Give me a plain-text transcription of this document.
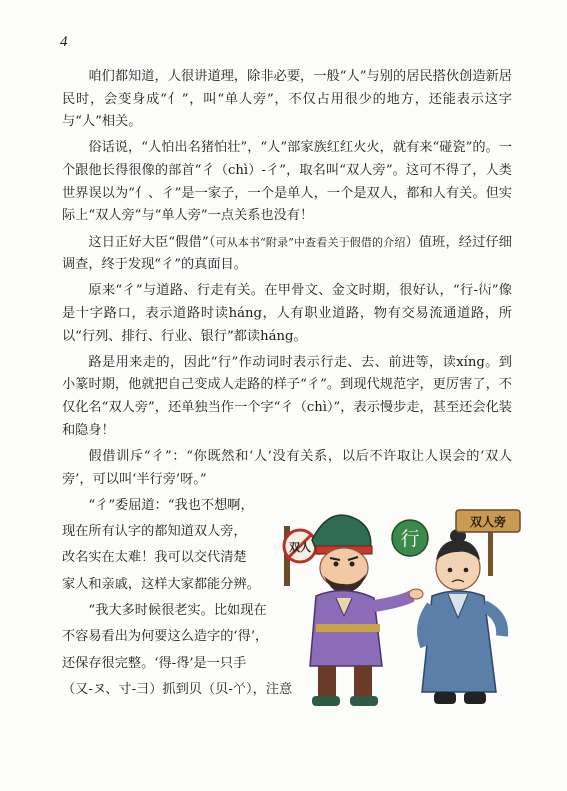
4

咱们都知道，人很讲道理，除非必要，一般“人”与别的居民搭伙创造新居民时，会变身成“亻”，叫“单人旁”，不仅占用很少的地方，还能表示这字与“人”相关。

俗话说，“人怕出名猪怕壮”，“人”部家族红红火火，就有来“碰瓷”的。一个跟他长得很像的部首“彳（chì）-彳”，取名叫“双人旁”。这可不得了，人类世界误以为“亻、彳”是一家子，一个是单人，一个是双人，都和人有关。但实际上“双人旁”与“单人旁”一点关系也没有！

这日正好大臣“假借”（可从本书“附录”中查看关于假借的介绍）值班，经过仔细调查，终于发现“彳”的真面目。

原来“彳”与道路、行走有关。在甲骨文、金文时期，很好认，“行-𧗟”像是十字路口，表示道路时读háng，人有职业道路，物有交易流通道路，所以“行列、排行、行业、银行”都读háng。

路是用来走的，因此“行”作动词时表示行走、去、前进等，读xíng。到小篆时期，他就把自己变成人走路的样子“彳”。到现代规范字，更厉害了，不仅化名“双人旁”，还单独当作一个字“彳（chì）”，表示慢步走，甚至还会化装和隐身！

假借训斥“彳”：“你既然和‘人’没有关系，以后不许取让人误会的‘双人旁’，可以叫‘半行旁’呀。”

“彳”委屈道：“我也不想啊，

现在所有认字的都知道双人旁，

改名实在太难！我可以交代清楚

家人和亲戚，这样大家都能分辨。

“我大多时候很老实。比如现在

不容易看出为何要这么造字的‘得’，

还保存很完整。‘得-𢔶’是一只手

（又-ヌ、寸-彐）抓到贝（贝-𠁥），注意

双人	行
双人旁
